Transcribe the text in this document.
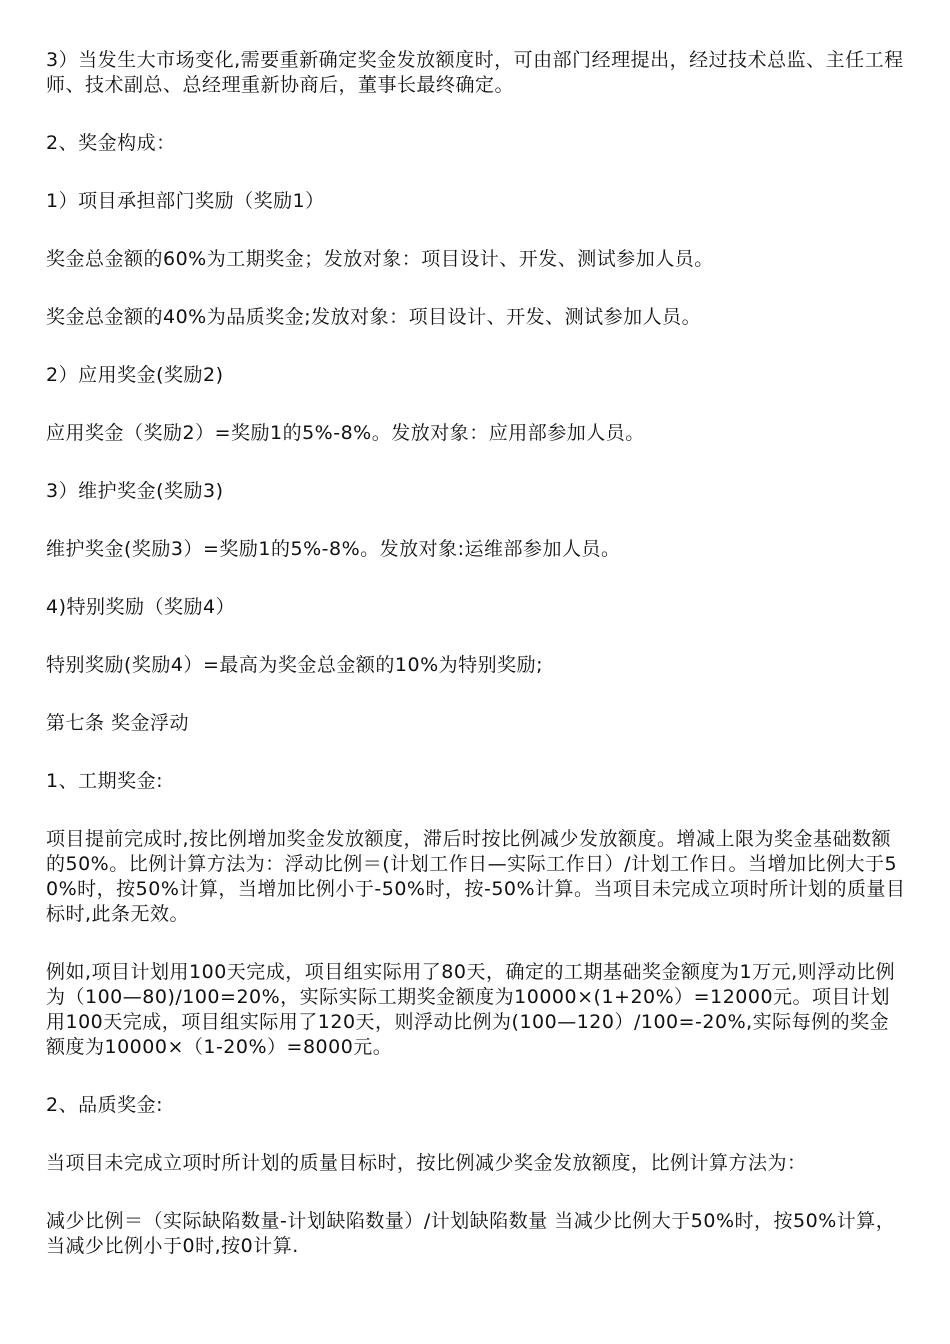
3）当发生大市场变化,需要重新确定奖金发放额度时，可由部门经理提出，经过技术总监、主任工程师、技术副总、总经理重新协商后，董事长最终确定。

2、奖金构成：

1）项目承担部门奖励（奖励1）

奖金总金额的60%为工期奖金；发放对象：项目设计、开发、测试参加人员。

奖金总金额的40%为品质奖金;发放对象：项目设计、开发、测试参加人员。

2）应用奖金(奖励2)

应用奖金（奖励2）=奖励1的5%-8%。发放对象：应用部参加人员。

3）维护奖金(奖励3)

维护奖金(奖励3）=奖励1的5%-8%。发放对象:运维部参加人员。

4)特别奖励（奖励4）

特别奖励(奖励4）=最高为奖金总金额的10%为特别奖励;

第七条 奖金浮动

1、工期奖金:

项目提前完成时,按比例增加奖金发放额度，滞后时按比例减少发放额度。增减上限为奖金基础数额的50%。比例计算方法为：浮动比例＝(计划工作日—实际工作日）/计划工作日。当增加比例大于50%时，按50%计算，当增加比例小于-50%时，按-50%计算。当项目未完成立项时所计划的质量目标时,此条无效。

例如,项目计划用100天完成，项目组实际用了80天，确定的工期基础奖金额度为1万元,则浮动比例为（100—80)/100=20%，实际实际工期奖金额度为10000×(1+20%）=12000元。项目计划用100天完成，项目组实际用了120天，则浮动比例为(100—120）/100=-20%,实际每例的奖金额度为10000×（1-20%）=8000元。

2、品质奖金:

当项目未完成立项时所计划的质量目标时，按比例减少奖金发放额度，比例计算方法为：

减少比例＝（实际缺陷数量-计划缺陷数量）/计划缺陷数量 当减少比例大于50%时，按50%计算，当减少比例小于0时,按0计算.
